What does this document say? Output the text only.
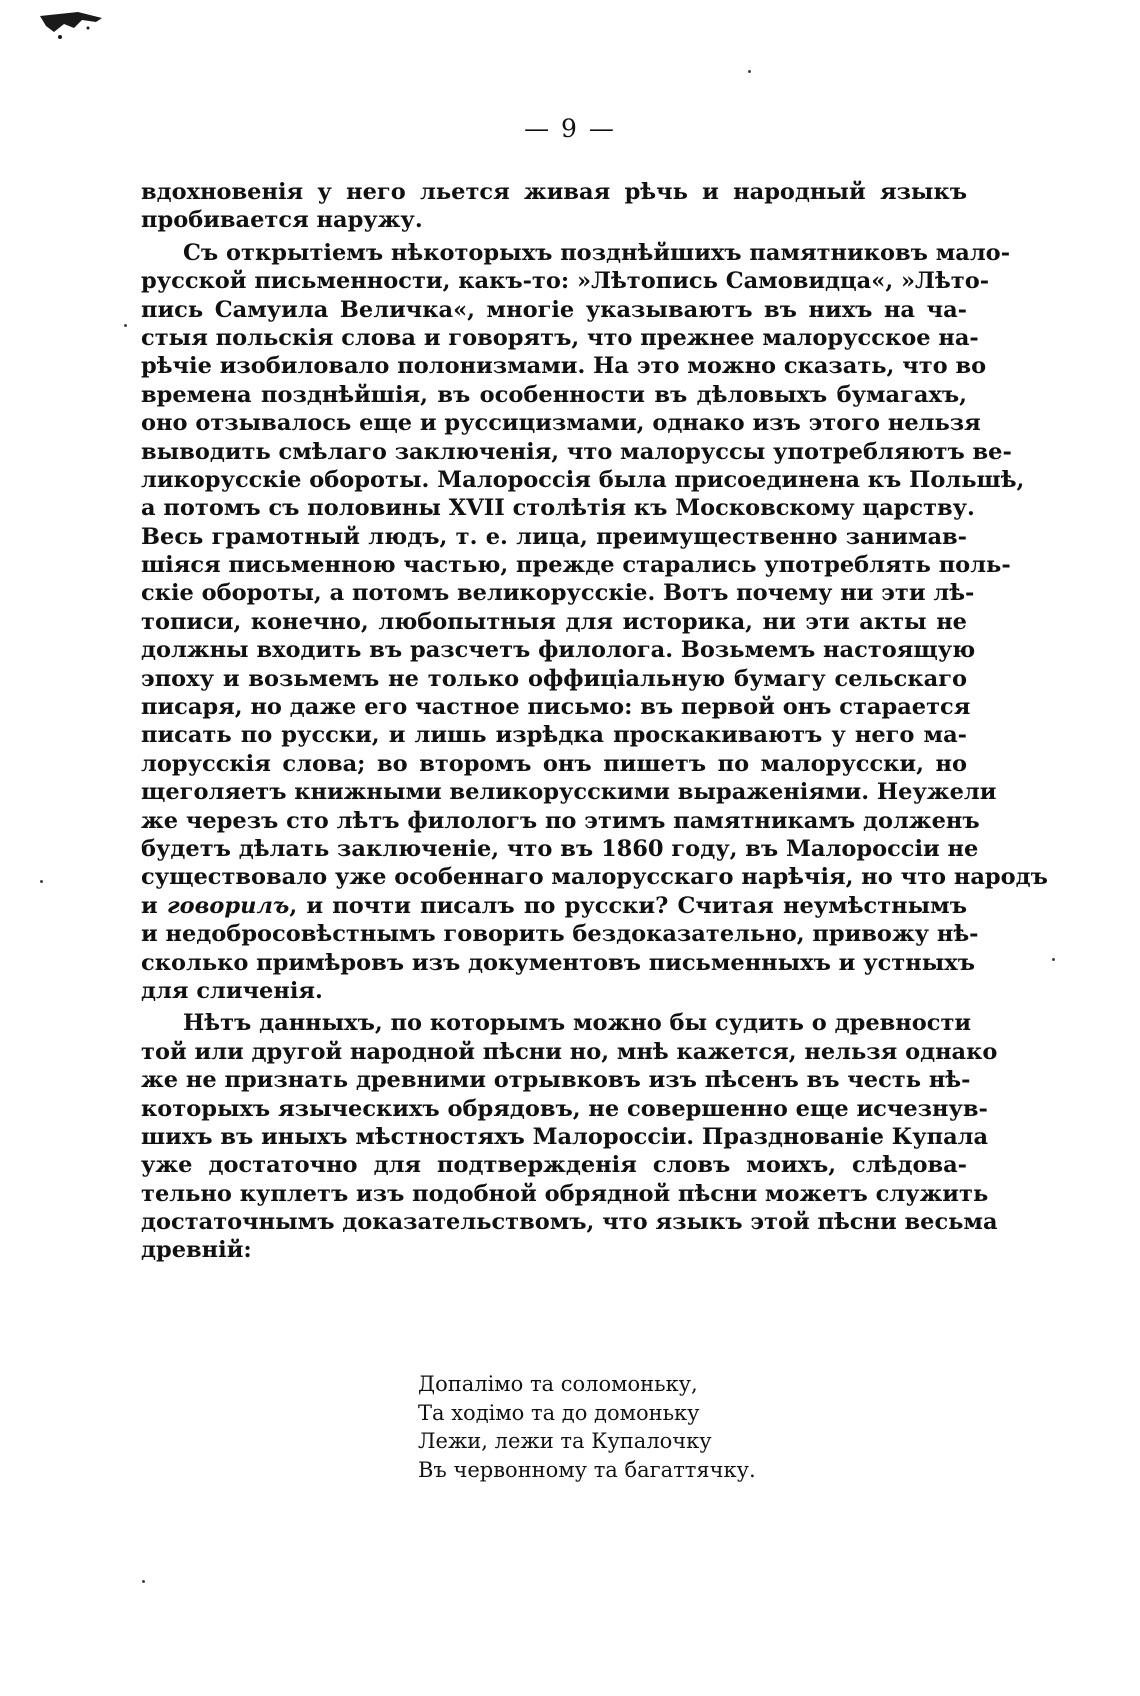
— 9 —
вдохновенія у него льется живая рѣчь и народный языкъ
пробивается наружу.
Съ открытіемъ нѣкоторыхъ позднѣйшихъ памятниковъ мало-
русской письменности, какъ-то: »Лѣтопись Самовидца«, »Лѣто-
пись Самуила Величка«, многіе указываютъ въ нихъ на ча-
стыя польскія слова и говорятъ, что прежнее малорусское на-
рѣчіе изобиловало полонизмами. На это можно сказать, что во
времена позднѣйшія, въ особенности въ дѣловыхъ бумагахъ,
оно отзывалось еще и руссицизмами, однако изъ этого нельзя
выводить смѣлаго заключенія, что малоруссы употребляютъ ве-
ликорусскіе обороты. Малороссія была присоединена къ Польшѣ,
а потомъ съ половины XVII столѣтія къ Московскому царству.
Весь грамотный людъ, т. е. лица, преимущественно занимав-
шіяся письменною частью, прежде старались употреблять поль-
скіе обороты, а потомъ великорусскіе. Вотъ почему ни эти лѣ-
тописи, конечно, любопытныя для историка, ни эти акты не
должны входить въ разсчетъ филолога. Возьмемъ настоящую
эпоху и возьмемъ не только оффиціальную бумагу сельскаго
писаря, но даже его частное письмо: въ первой онъ старается
писать по русски, и лишь изрѣдка проскакиваютъ у него ма-
лорусскія слова; во второмъ онъ пишетъ по малорусски, но
щеголяетъ книжными великорусскими выраженіями. Неужели
же черезъ сто лѣтъ филологъ по этимъ памятникамъ долженъ
будетъ дѣлать заключеніе, что въ 1860 году, въ Малороссіи не
существовало уже особеннаго малорусскаго нарѣчія, но что народъ
и говорилъ, и почти писалъ по русски? Считая неумѣстнымъ
и недобросовѣстнымъ говорить бездоказательно, привожу нѣ-
сколько примѣровъ изъ документовъ письменныхъ и устныхъ
для сличенія.
Нѣтъ данныхъ, по которымъ можно бы судить о древности
той или другой народной пѣсни но, мнѣ кажется, нельзя однако
же не признать древними отрывковъ изъ пѣсенъ въ честь нѣ-
которыхъ языческихъ обрядовъ, не совершенно еще исчезнув-
шихъ въ иныхъ мѣстностяхъ Малороссіи. Празднованіе Купала
уже достаточно для подтвержденія словъ моихъ, слѣдова-
тельно куплетъ изъ подобной обрядной пѣсни можетъ служить
достаточнымъ доказательствомъ, что языкъ этой пѣсни весьма
древній:
Допалімо та соломоньку,
Та ходімо та до домоньку
Лежи, лежи та Купалочку
Въ червонному та багаттячку.
